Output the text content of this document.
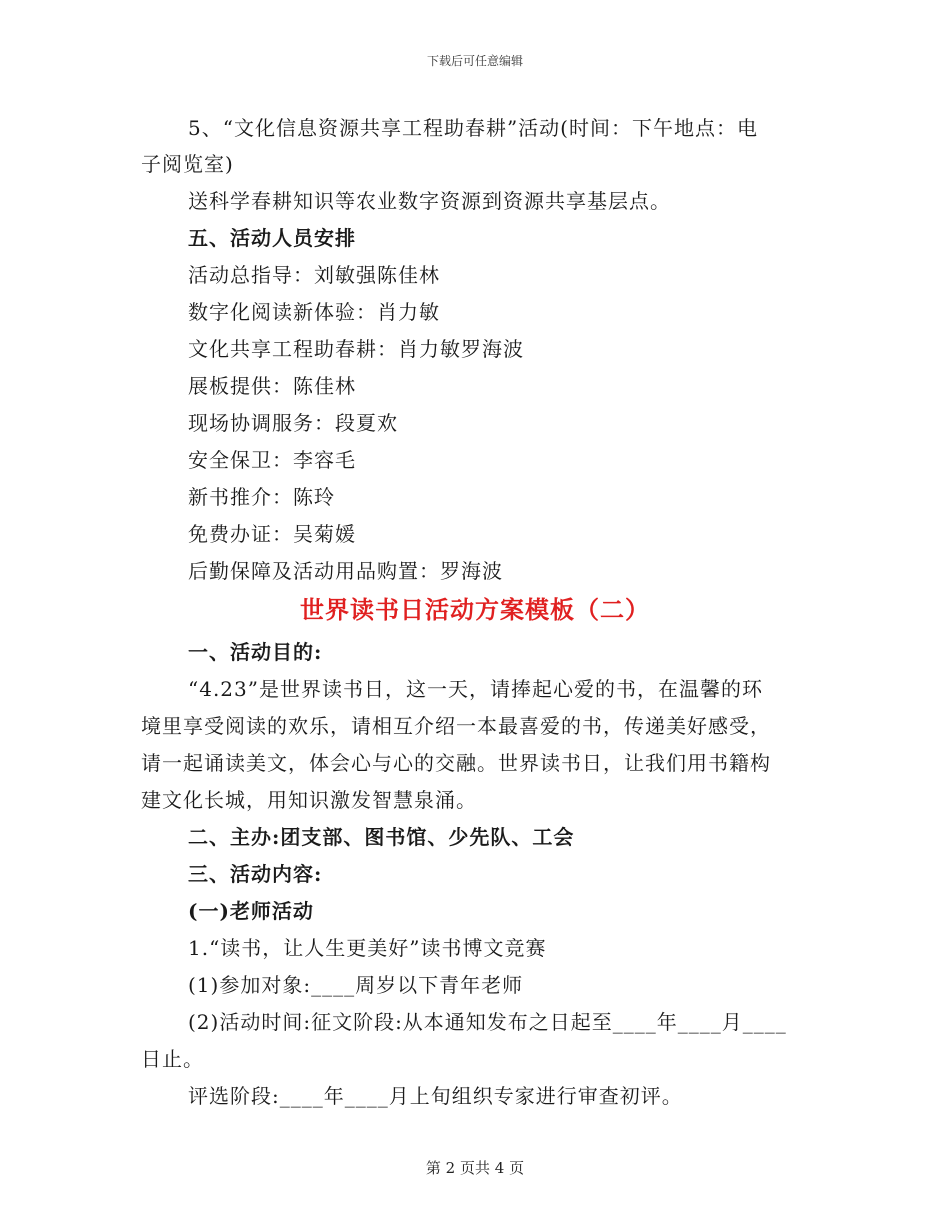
下载后可任意编辑
5、“文化信息资源共享工程助春耕”活动(时间：下午地点：电
子阅览室)
送科学春耕知识等农业数字资源到资源共享基层点。
五、活动人员安排
活动总指导：刘敏强陈佳林
数字化阅读新体验：肖力敏
文化共享工程助春耕：肖力敏罗海波
展板提供：陈佳林
现场协调服务：段夏欢
安全保卫：李容毛
新书推介：陈玲
免费办证：吴菊媛
后勤保障及活动用品购置：罗海波
世界读书日活动方案模板（二）
一、活动目的:
“4.23”是世界读书日，这一天，请捧起心爱的书，在温馨的环
境里享受阅读的欢乐，请相互介绍一本最喜爱的书，传递美好感受，
请一起诵读美文，体会心与心的交融。世界读书日，让我们用书籍构
建文化长城，用知识激发智慧泉涌。
二、主办:团支部、图书馆、少先队、工会
三、活动内容:
(一)老师活动
1.“读书，让人生更美好”读书博文竞赛
(1)参加对象:____周岁以下青年老师
(2)活动时间:征文阶段:从本通知发布之日起至____年____月____
日止。
评选阶段:____年____月上旬组织专家进行审查初评。
第 2 页共 4 页
